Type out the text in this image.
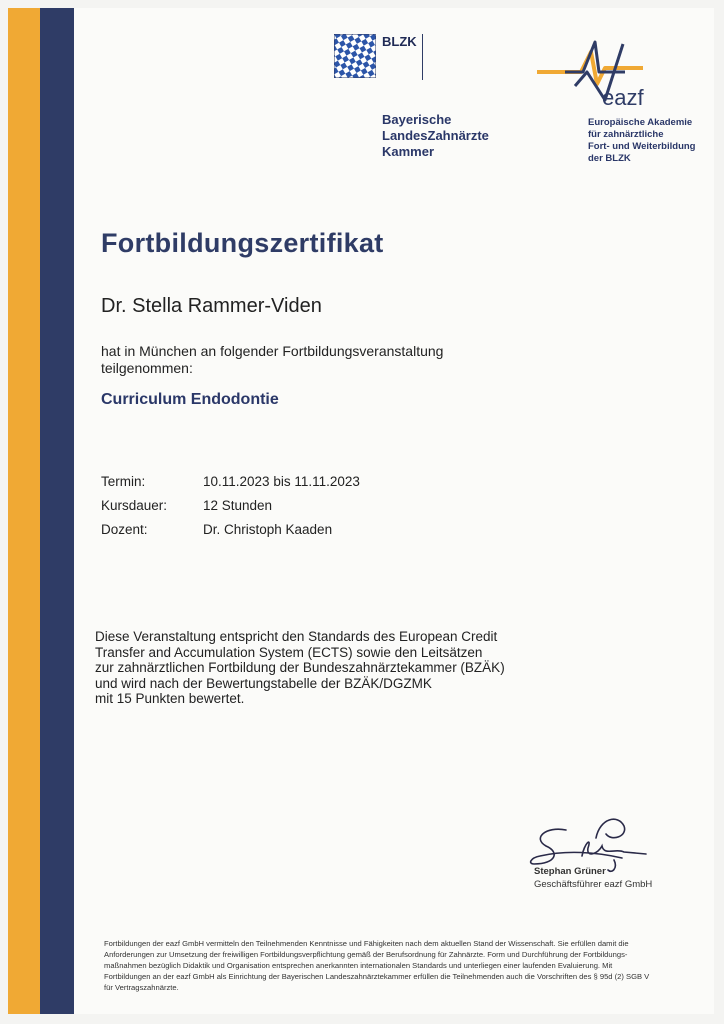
BLZK
Bayerische
LandesZahnärzte
Kammer
eazf
Europäische Akademie
für zahnärztliche
Fort- und Weiterbildung
der BLZK
Fortbildungszertifikat
Dr. Stella Rammer-Viden
hat in München an folgender Fortbildungsveranstaltung
teilgenommen:
Curriculum Endodontie
Termin:	10.11.2023 bis 11.11.2023
Kursdauer:	12 Stunden
Dozent:	Dr. Christoph Kaaden
Diese Veranstaltung entspricht den Standards des European Credit
Transfer and Accumulation System (ECTS) sowie den Leitsätzen
zur zahnärztlichen Fortbildung der Bundeszahnärztekammer (BZÄK)
und wird nach der Bewertungstabelle der BZÄK/DGZMK
mit 15 Punkten bewertet.
Stephan Grüner
Geschäftsführer eazf GmbH
Fortbildungen der eazf GmbH vermitteln den Teilnehmenden Kenntnisse und Fähigkeiten nach dem aktuellen Stand der Wissenschaft. Sie erfüllen damit die
Anforderungen zur Umsetzung der freiwilligen Fortbildungsverpflichtung gemäß der Berufsordnung für Zahnärzte. Form und Durchführung der Fortbildungs-
maßnahmen bezüglich Didaktik und Organisation entsprechen anerkannten internationalen Standards und unterliegen einer laufenden Evaluierung. Mit
Fortbildungen an der eazf GmbH als Einrichtung der Bayerischen Landeszahnärztekammer erfüllen die Teilnehmenden auch die Vorschriften des § 95d (2) SGB V
für Vertragszahnärzte.
